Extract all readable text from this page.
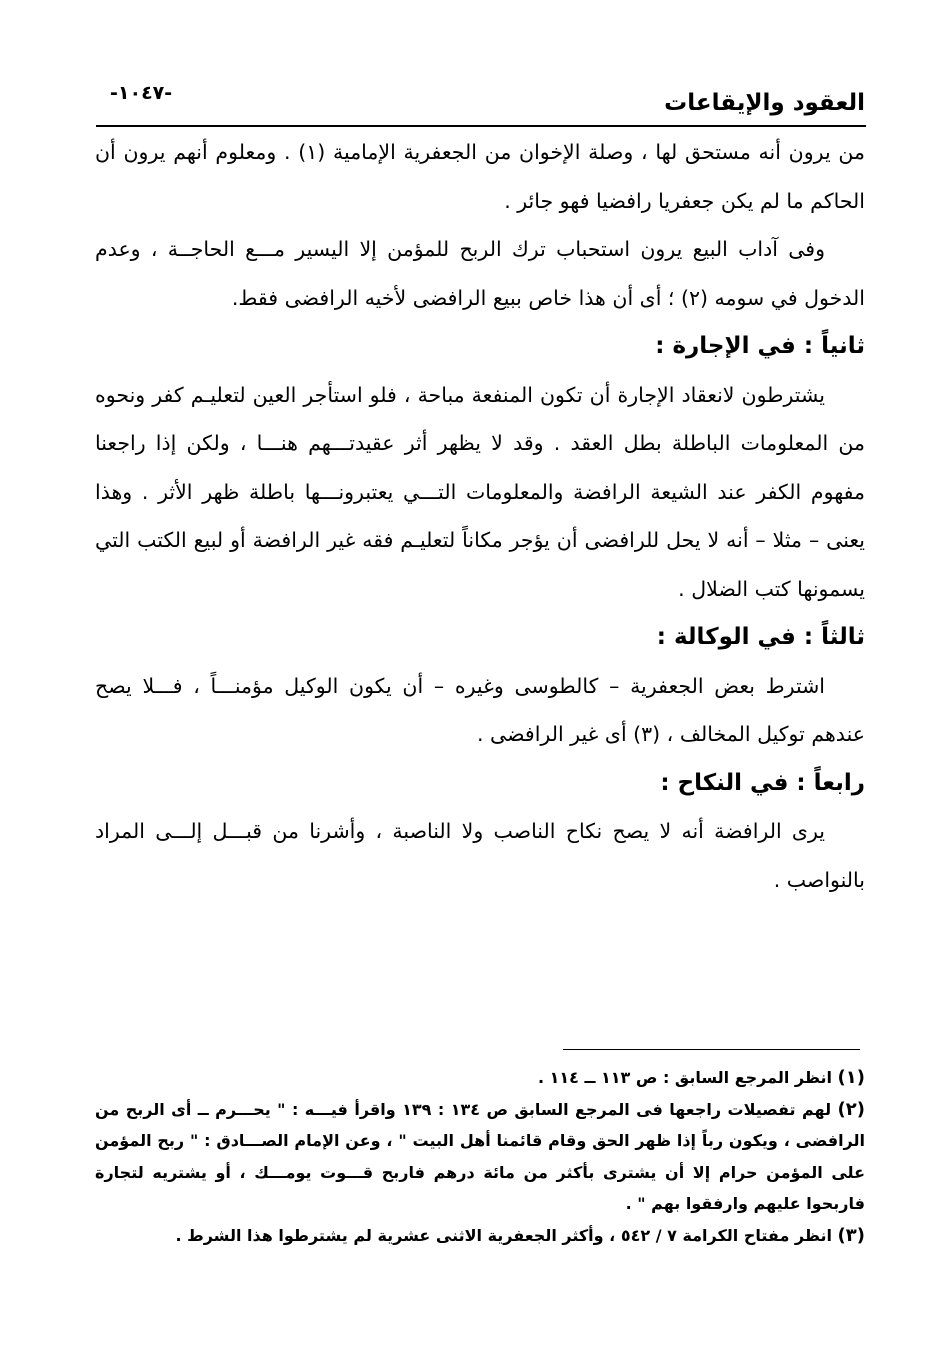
-١٠٤٧-	العقود والإيقاعات

من يرون أنه مستحق لها ، وصلة الإخوان من الجعفرية الإمامية (١) . ومعلوم أنهم يرون أن الحاكم ما لم يكن جعفريا رافضيا فهو جائر .

وفى آداب البيع يرون استحباب ترك الربح للمؤمن إلا اليسير مـــع الحاجــة ، وعدم الدخول في سومه (٢) ؛ أى أن هذا خاص ببيع الرافضى لأخيه الرافضى فقط.

ثانياً : في الإجارة :

يشترطون لانعقاد الإجارة أن تكون المنفعة مباحة ، فلو استأجر العين لتعليـم كفر ونحوه من المعلومات الباطلة بطل العقد . وقد لا يظهر أثر عقيدتـــهم هنـــا ، ولكن إذا راجعنا مفهوم الكفر عند الشيعة الرافضة والمعلومات التـــي يعتبرونـــها باطلة ظهر الأثر . وهذا يعنى – مثلا – أنه لا يحل للرافضى أن يؤجر مكاناً لتعليـم فقه غير الرافضة أو لبيع الكتب التي يسمونها كتب الضلال .

ثالثاً : في الوكالة :

اشترط بعض الجعفرية – كالطوسى وغيره – أن يكون الوكيل مؤمنـــاً ، فـــلا يصح عندهم توكيل المخالف ، (٣) أى غير الرافضى .

رابعاً : في النكاح :

يرى الرافضة أنه لا يصح نكاح الناصب ولا الناصبة ، وأشرنا من قبـــل إلـــى المراد بالنواصب .

(١) انظر المرجع السابق : ص ١١٣ ــ ١١٤ .

(٢) لهم تفصيلات راجعها فى المرجع السابق ص ١٣٤ : ١٣٩ واقرأ فيـــه : " يحـــرم ــ أى الربح من الرافضى ، ويكون رباً إذا ظهر الحق وقام قائمنا أهل البيت " ، وعن الإمام الصـــادق : " ربح المؤمن على المؤمن حرام إلا أن يشترى بأكثر من مائة درهم فاربح قـــوت يومـــك ، أو يشتريه لتجارة فاربحوا عليهم وارفقوا بهم " .

(٣) انظر مفتاح الكرامة ٧ / ٥٤٢ ، وأكثر الجعفرية الاثنى عشرية لم يشترطوا هذا الشرط .
